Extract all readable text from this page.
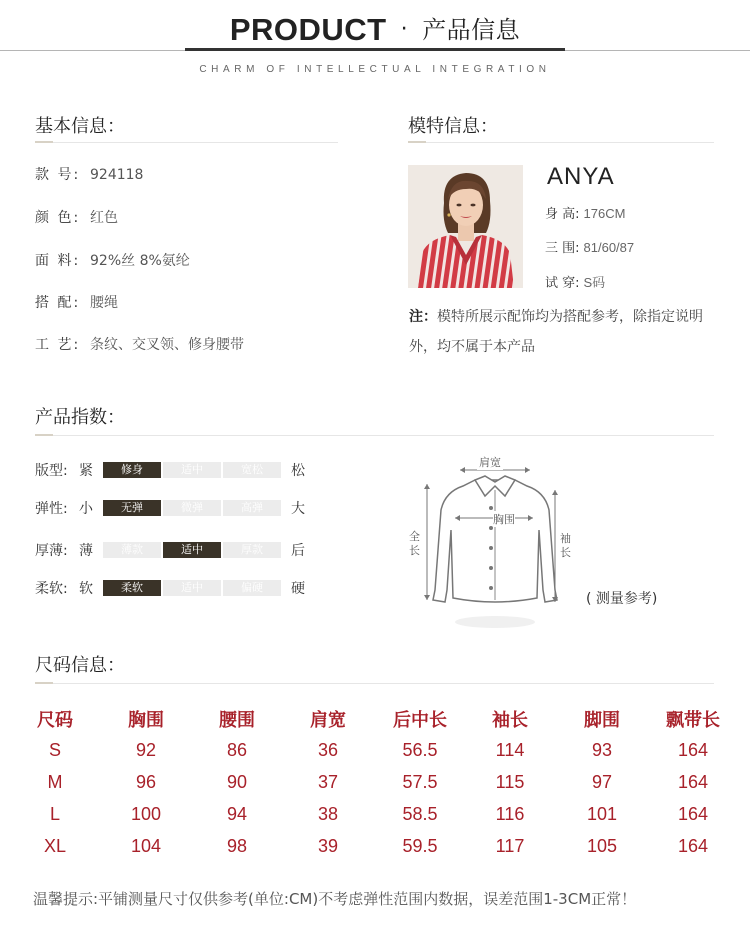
PRODUCT · 产品信息
CHARM OF INTELLECTUAL INTEGRATION
基本信息：
款 号: 924118
颜 色: 红色
面 料: 92%丝 8%氨纶
搭 配: 腰绳
工 艺: 条纹、交叉领、修身腰带
模特信息：
ANYA
身 高: 176CM
三 围: 81/60/87
试 穿: S码
注：模特所展示配饰均为搭配参考，除指定说明外，均不属于本产品
产品指数：
版型: 紧	修身	适中	宽松	松
弹性: 小	无弹	微弹	高弹	大
厚薄: 薄	薄款	适中	厚款	后
柔软: 软	柔软	适中	偏硬	硬
肩宽
胸围
全长
袖长
( 测量参考)
尺码信息：
尺码	胸围	腰围	肩宽	后中长	袖长	脚围	飘带长
S	92	86	36	56.5	114	93	164
M	96	90	37	57.5	115	97	164
L	100	94	38	58.5	116	101	164
XL	104	98	39	59.5	117	105	164
温馨提示:平铺测量尺寸仅供参考(单位:CM)不考虑弹性范围内数据，误差范围1-3CM正常！
